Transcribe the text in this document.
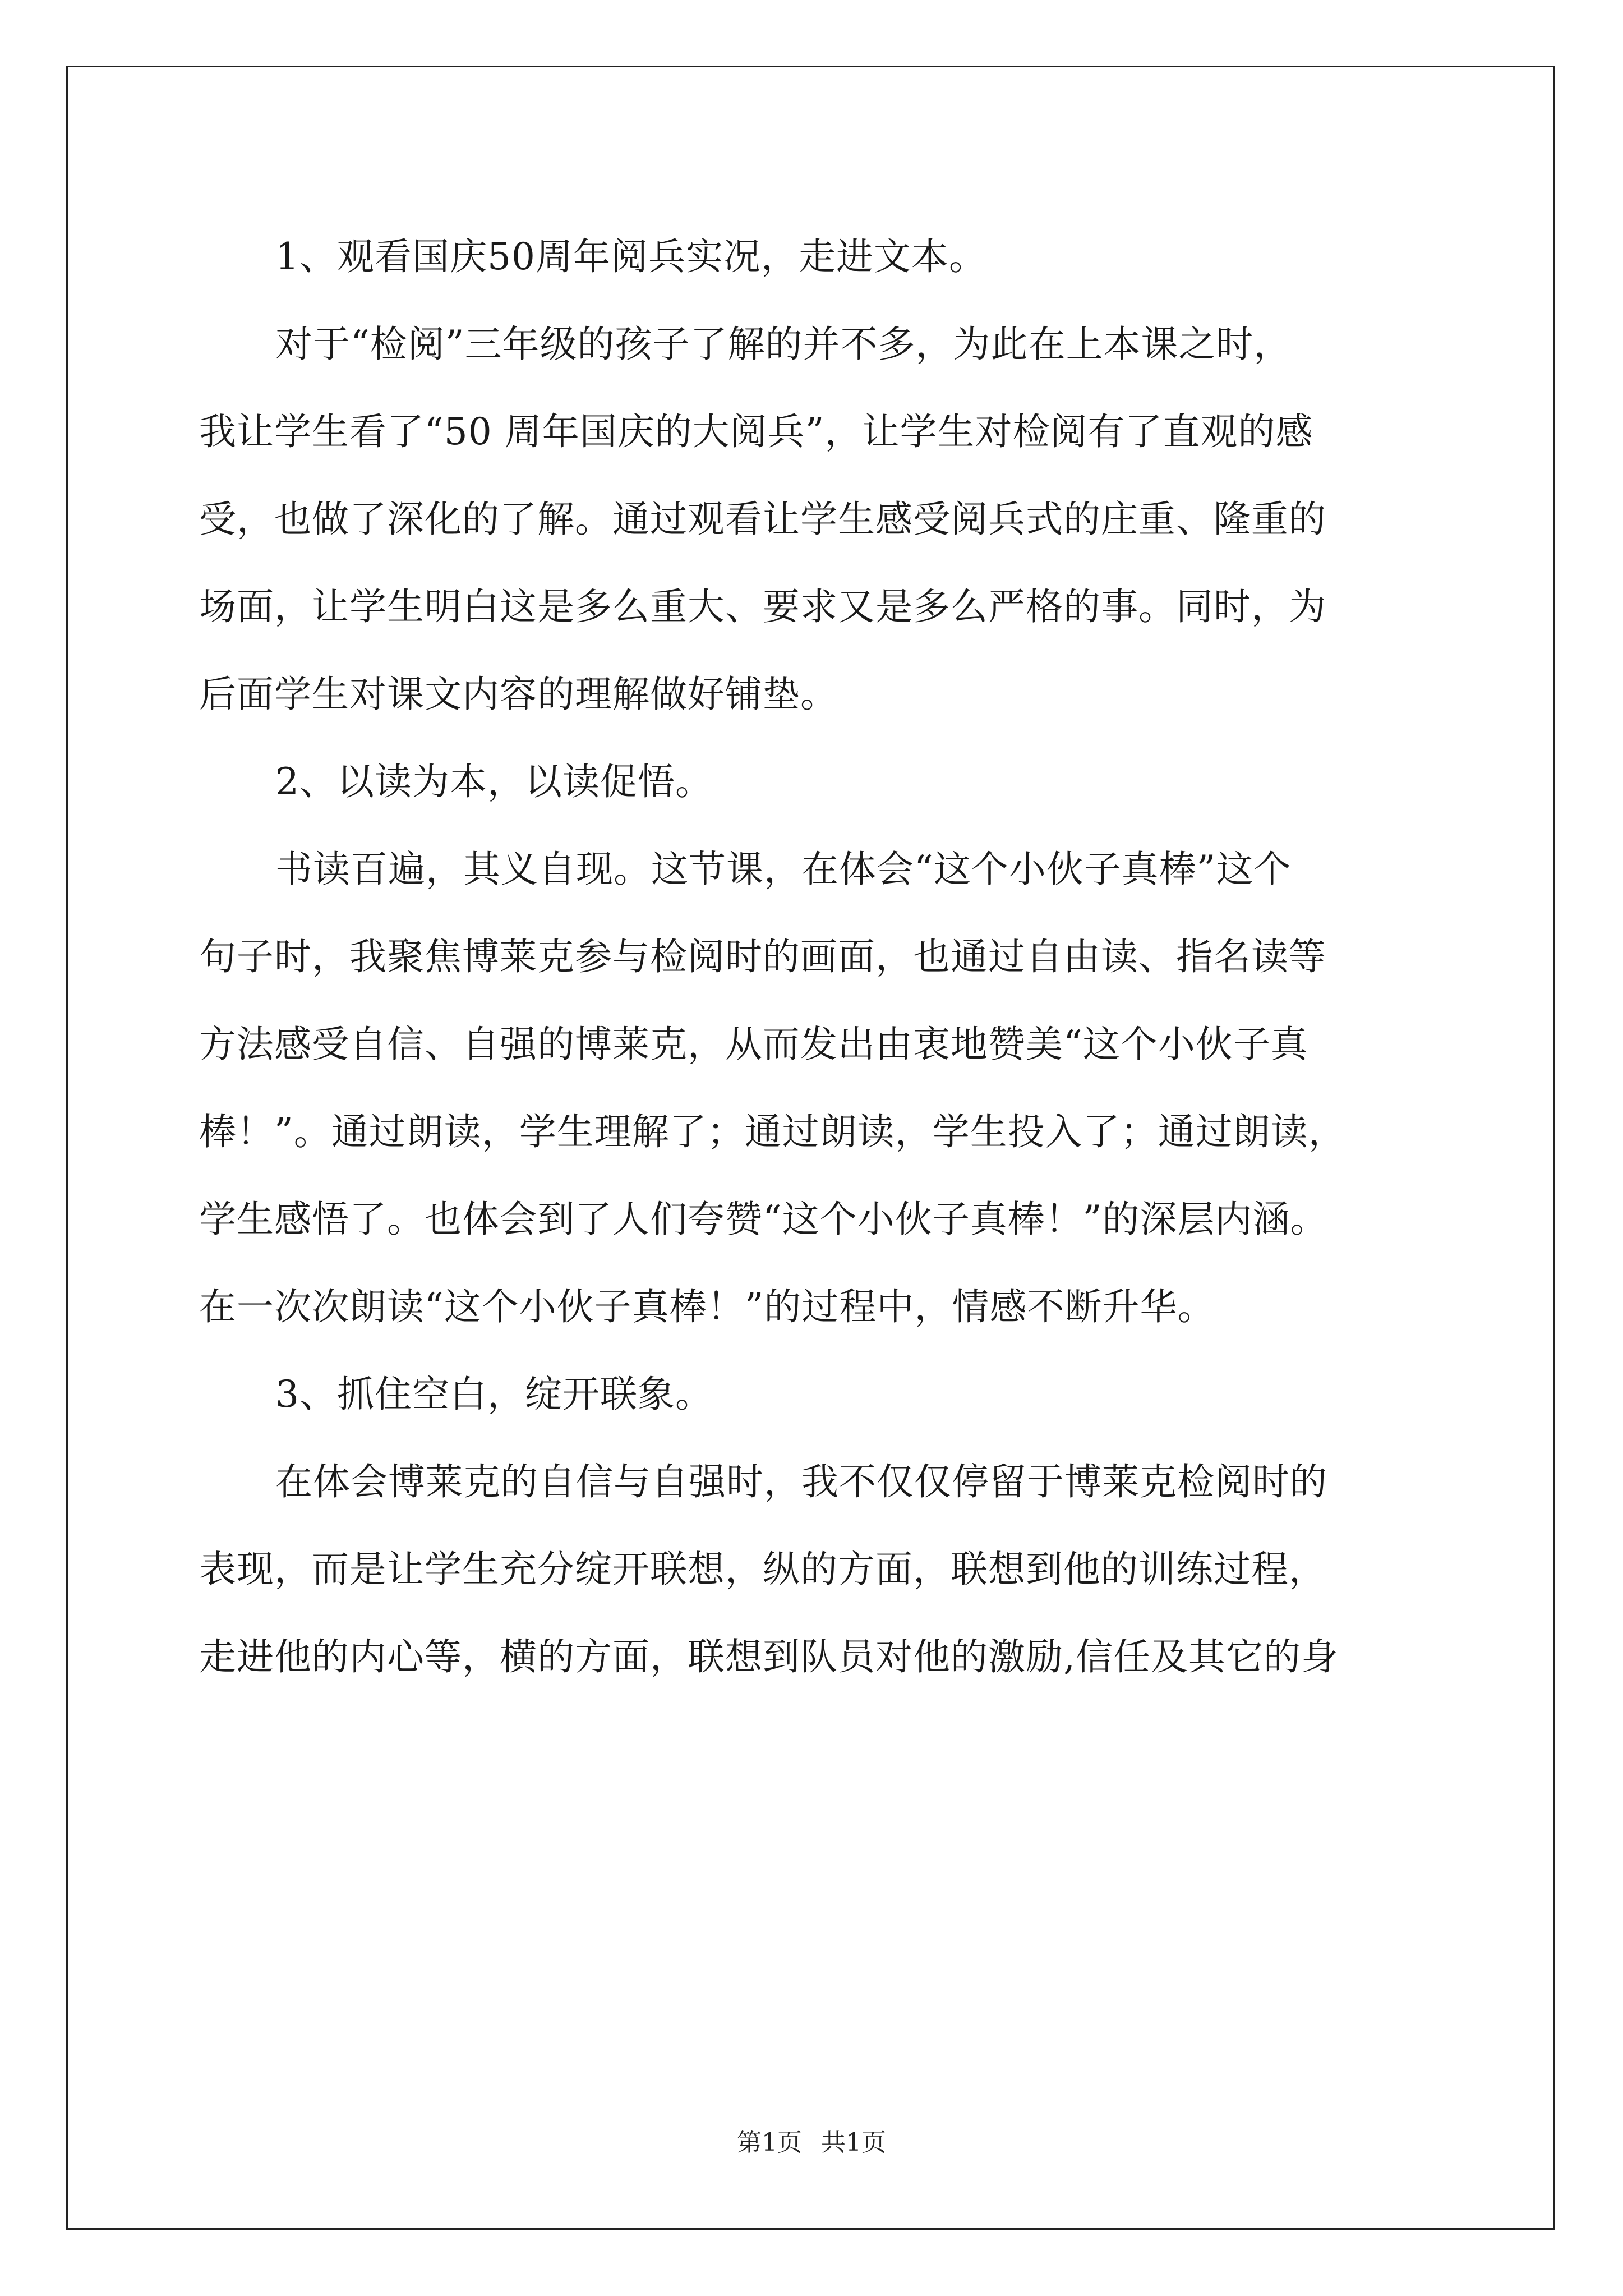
1、观看国庆50周年阅兵实况，走进文本。
对于“检阅”三年级的孩子了解的并不多，为此在上本课之时，
我让学生看了“50 周年国庆的大阅兵”，让学生对检阅有了直观的感
受，也做了深化的了解。通过观看让学生感受阅兵式的庄重、隆重的
场面，让学生明白这是多么重大、要求又是多么严格的事。同时，为
后面学生对课文内容的理解做好铺垫。
2、以读为本，以读促悟。
书读百遍，其义自现。这节课，在体会“这个小伙子真棒”这个
句子时，我聚焦博莱克参与检阅时的画面，也通过自由读、指名读等
方法感受自信、自强的博莱克，从而发出由衷地赞美“这个小伙子真
棒！”。通过朗读，学生理解了；通过朗读，学生投入了；通过朗读，
学生感悟了。也体会到了人们夸赞“这个小伙子真棒！”的深层内涵。
在一次次朗读“这个小伙子真棒！”的过程中，情感不断升华。
3、抓住空白，绽开联象。
在体会博莱克的自信与自强时，我不仅仅停留于博莱克检阅时的
表现，而是让学生充分绽开联想，纵的方面，联想到他的训练过程，
走进他的内心等，横的方面，联想到队员对他的激励,信任及其它的身
第1页 共1页
